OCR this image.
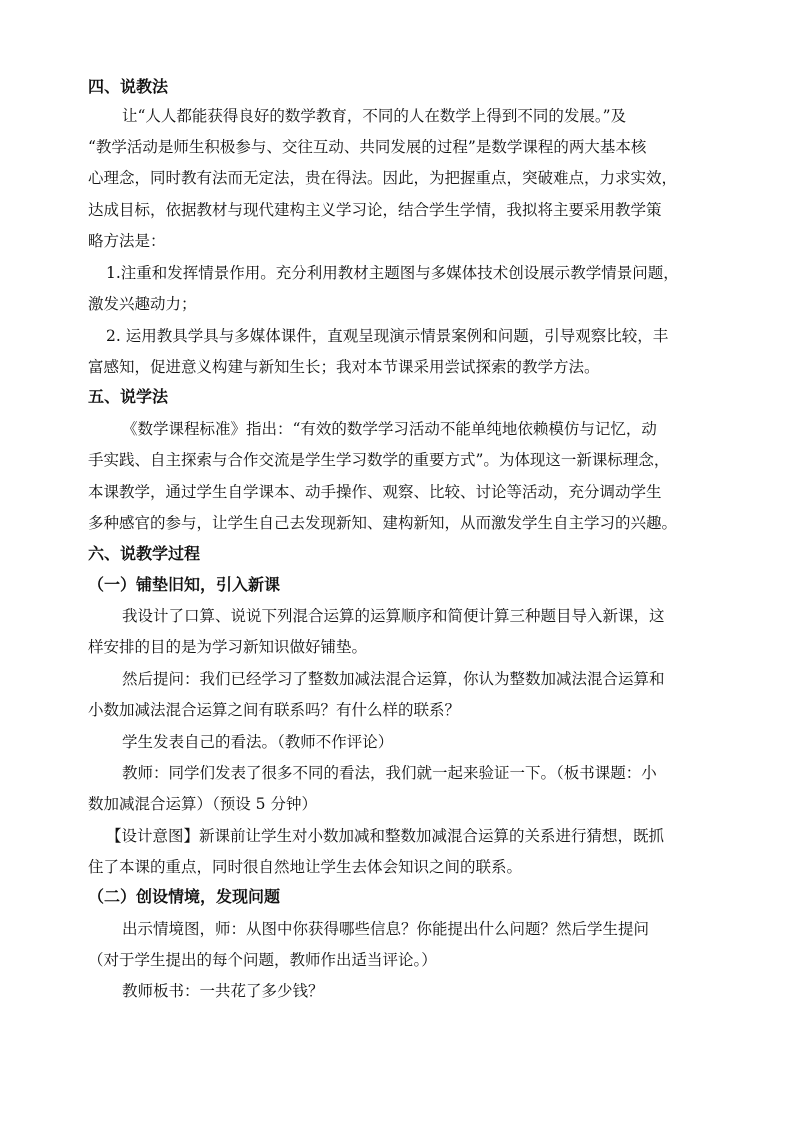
四、说教法
让“人人都能获得良好的数学教育，不同的人在数学上得到不同的发展。”及
“教学活动是师生积极参与、交往互动、共同发展的过程”是数学课程的两大基本核
心理念，同时教有法而无定法，贵在得法。因此，为把握重点，突破难点，力求实效，
达成目标，依据教材与现代建构主义学习论，结合学生学情，我拟将主要采用教学策
略方法是：
1.注重和发挥情景作用。充分利用教材主题图与多媒体技术创设展示教学情景问题，
激发兴趣动力；
2. 运用教具学具与多媒体课件，直观呈现演示情景案例和问题，引导观察比较，丰
富感知，促进意义构建与新知生长；我对本节课采用尝试探索的教学方法。
五、说学法
《数学课程标准》指出：“有效的数学学习活动不能单纯地依赖模仿与记忆，动
手实践、自主探索与合作交流是学生学习数学的重要方式”。为体现这一新课标理念，
本课教学，通过学生自学课本、动手操作、观察、比较、讨论等活动，充分调动学生
多种感官的参与，让学生自己去发现新知、建构新知，从而激发学生自主学习的兴趣。
六、说教学过程
（一）铺垫旧知，引入新课
我设计了口算、说说下列混合运算的运算顺序和简便计算三种题目导入新课，这
样安排的目的是为学习新知识做好铺垫。
然后提问：我们已经学习了整数加减法混合运算，你认为整数加减法混合运算和
小数加减法混合运算之间有联系吗？有什么样的联系？
学生发表自己的看法。（教师不作评论）
教师：同学们发表了很多不同的看法，我们就一起来验证一下。（板书课题：小
数加减混合运算）（预设 5 分钟）
【设计意图】新课前让学生对小数加减和整数加减混合运算的关系进行猜想，既抓
住了本课的重点，同时很自然地让学生去体会知识之间的联系。
（二）创设情境，发现问题
出示情境图，师：从图中你获得哪些信息？你能提出什么问题？然后学生提问
（对于学生提出的每个问题，教师作出适当评论。）
教师板书：一共花了多少钱？
